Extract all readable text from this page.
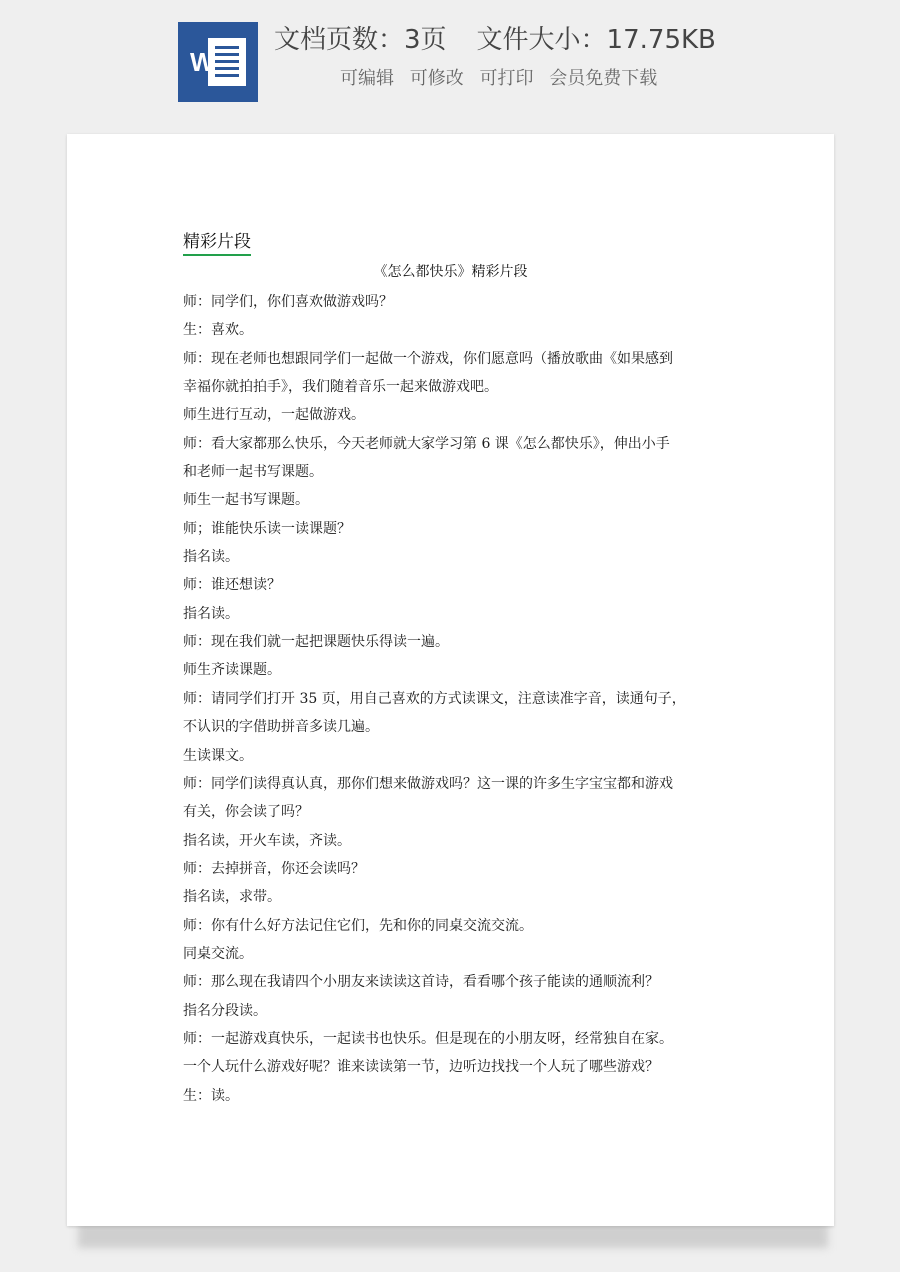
W
文档页数：3页 文件大小：17.75KB
可编辑 可修改 可打印 会员免费下载
精彩片段
《怎么都快乐》精彩片段
师：同学们，你们喜欢做游戏吗？
生：喜欢。
师：现在老师也想跟同学们一起做一个游戏，你们愿意吗（播放歌曲《如果感到
幸福你就拍拍手》，我们随着音乐一起来做游戏吧。
师生进行互动，一起做游戏。
师：看大家都那么快乐，今天老师就大家学习第 6 课《怎么都快乐》，伸出小手
和老师一起书写课题。
师生一起书写课题。
师；谁能快乐读一读课题？
指名读。
师：谁还想读？
指名读。
师：现在我们就一起把课题快乐得读一遍。
师生齐读课题。
师：请同学们打开 35 页，用自己喜欢的方式读课文，注意读准字音，读通句子，
不认识的字借助拼音多读几遍。
生读课文。
师：同学们读得真认真，那你们想来做游戏吗？这一课的许多生字宝宝都和游戏
有关，你会读了吗？
指名读，开火车读，齐读。
师：去掉拼音，你还会读吗？
指名读，求带。
师：你有什么好方法记住它们，先和你的同桌交流交流。
同桌交流。
师：那么现在我请四个小朋友来读读这首诗，看看哪个孩子能读的通顺流利？
指名分段读。
师：一起游戏真快乐，一起读书也快乐。但是现在的小朋友呀，经常独自在家。
一个人玩什么游戏好呢？谁来读读第一节，边听边找找一个人玩了哪些游戏？
生：读。
